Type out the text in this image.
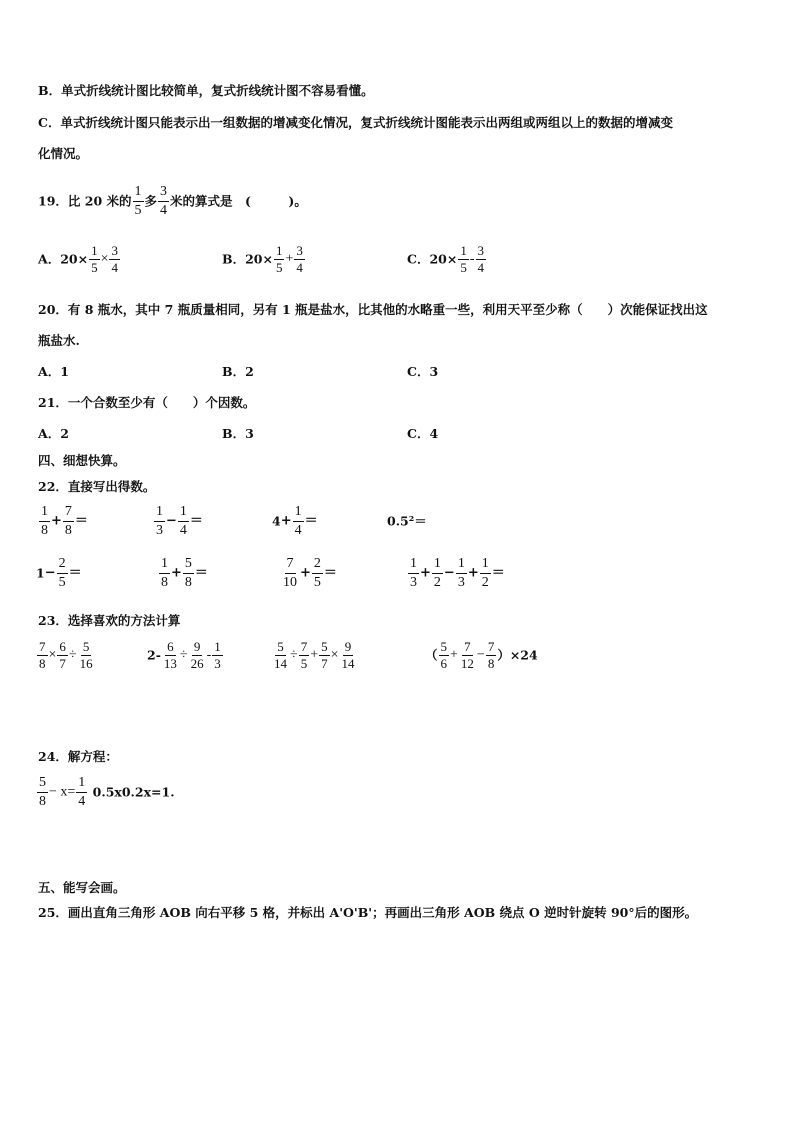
B．单式折线统计图比较简单，复式折线统计图不容易看懂。
C．单式折线统计图只能表示出一组数据的增减变化情况，复式折线统计图能表示出两组或两组以上的数据的增减变
化情况。
19．比 20 米的 $\frac{1}{5}$ 多 $\frac{3}{4}$ 米的算式是　(　　　)。
A．$20\times \frac{1}{5} \times \frac{3}{4}$	B．$20\times \frac{1}{5} + \frac{3}{4}$	C．$20\times \frac{1}{5} - \frac{3}{4}$
20．有 8 瓶水，其中 7 瓶质量相同，另有 1 瓶是盐水，比其他的水略重一些，利用天平至少称（　　）次能保证找出这
瓶盐水.
A．1	B．2	C．3
21．一个合数至少有（　　）个因数。
A．2	B．3	C．4
四、细想快算。
22．直接写出得数。
$\frac{1}{8} + \frac{7}{8}$ ＝	$\frac{1}{3} - \frac{1}{4}$ ＝	$4+ \frac{1}{4}$ ＝	0.5²＝
$1- \frac{2}{5}$ ＝	$\frac{1}{8} + \frac{5}{8}$ ＝	$\frac{7}{10} + \frac{2}{5}$ ＝	$\frac{1}{3} + \frac{1}{2} - \frac{1}{3} + \frac{1}{2}$ ＝
23．选择喜欢的方法计算
$\frac{7}{8} \times \frac{6}{7} \div \frac{5}{16}$	$2- \frac{6}{13} \div \frac{9}{26} - \frac{1}{3}$	$\frac{5}{14} \div \frac{7}{5} + \frac{5}{7} \times \frac{9}{14}$	（ $\frac{5}{6} + \frac{7}{12} - \frac{7}{8} )\times 24$
24．解方程：
$\frac{5}{8} - x= \frac{1}{4} 0.5x0.2x=1$.
五、能写会画。
25．画出直角三角形 AOB 向右平移 5 格，并标出 A'O'B'；再画出三角形 AOB 绕点 O 逆时针旋转 90°后的图形。
